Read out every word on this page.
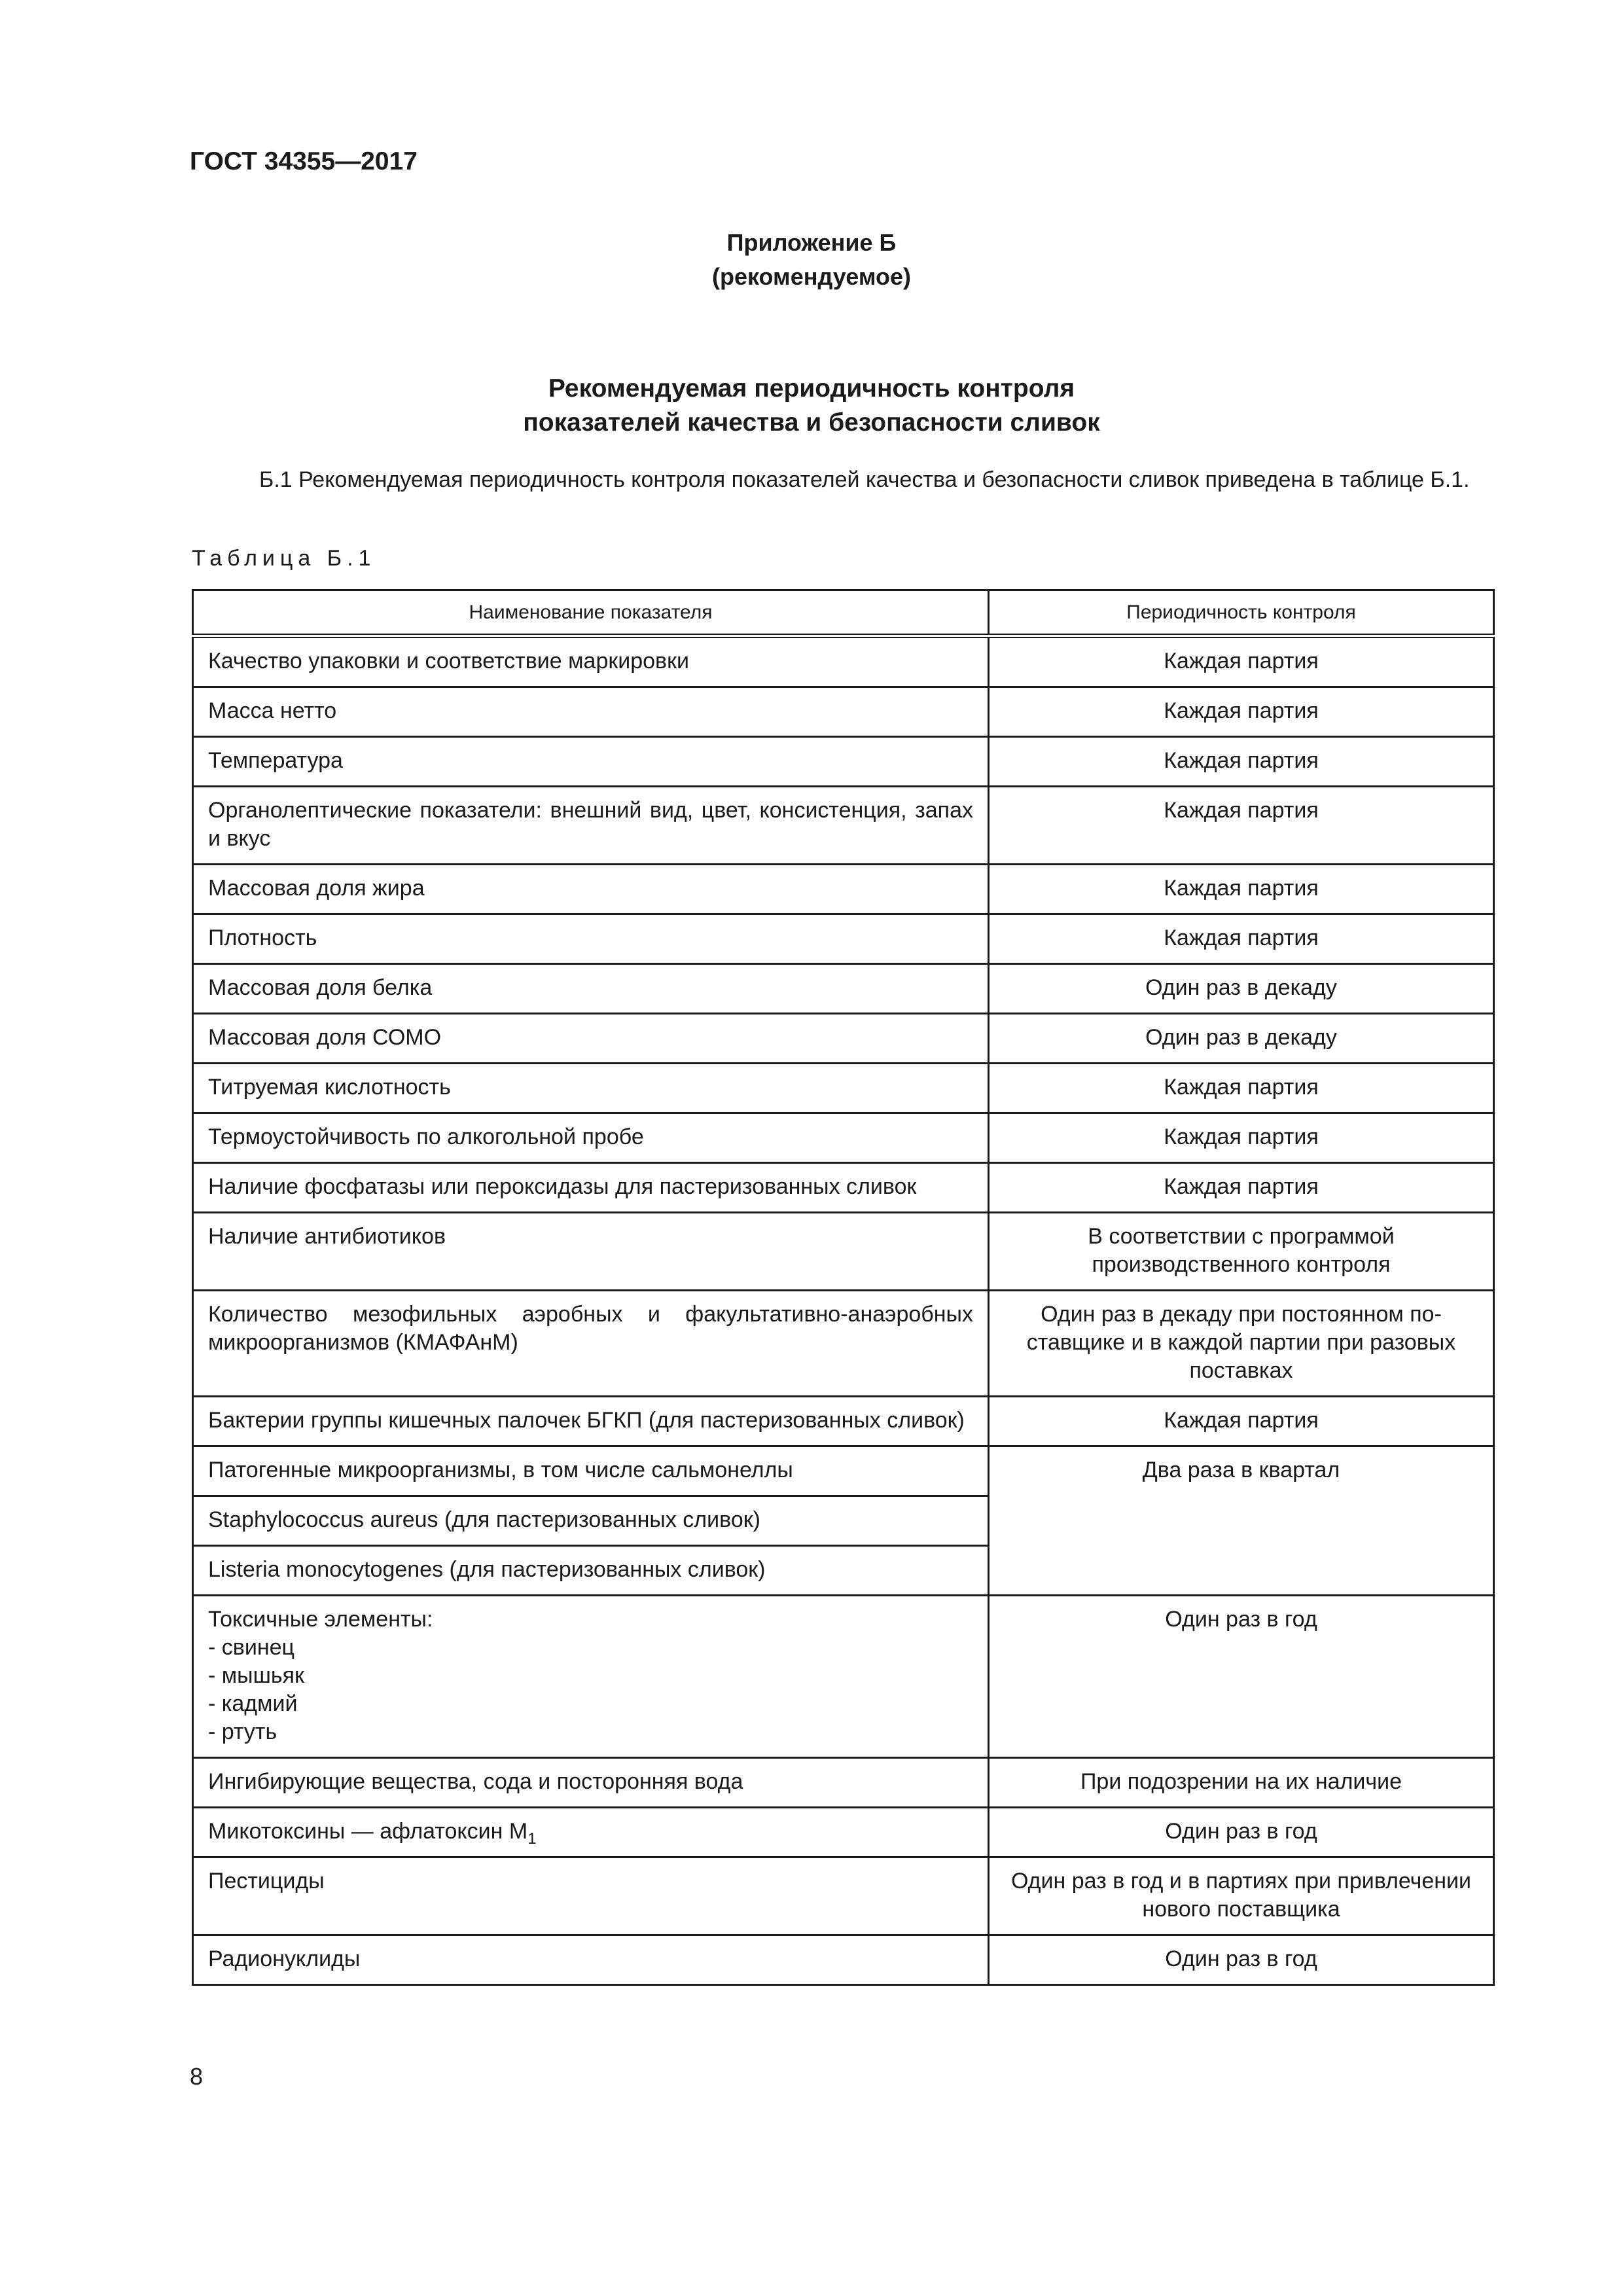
ГОСТ 34355—2017
Приложение Б
(рекомендуемое)
Рекомендуемая периодичность контроля
показателей качества и безопасности сливок

Б.1 Рекомендуемая периодичность контроля показателей качества и безопасности сливок приведена в таблице Б.1.

Таблица Б.1
Наименование показателя	Периодичность контроля
Качество упаковки и соответствие маркировки	Каждая партия
Масса нетто	Каждая партия
Температура	Каждая партия
Органолептические показатели: внешний вид, цвет, консистенция, запах и вкус	Каждая партия
Массовая доля жира	Каждая партия
Плотность	Каждая партия
Массовая доля белка	Один раз в декаду
Массовая доля СОМО	Один раз в декаду
Титруемая кислотность	Каждая партия
Термоустойчивость по алкогольной пробе	Каждая партия
Наличие фосфатазы или пероксидазы для пастеризованных сливок	Каждая партия
Наличие антибиотиков	В соответствии с программой производственного контроля
Количество мезофильных аэробных и факультативно-анаэробных микроорганизмов (КМАФАнМ)	Один раз в декаду при постоянном поставщике и в каждой партии при разовых поставках
Бактерии группы кишечных палочек БГКП (для пастеризованных сливок)	Каждая партия
Патогенные микроорганизмы, в том числе сальмонеллы	Два раза в квартал
Staphylococcus aureus (для пастеризованных сливок)	
Listeria monocytogenes (для пастеризованных сливок)	
Токсичные элементы:
- свинец
- мышьяк
- кадмий
- ртуть	Один раз в год
Ингибирующие вещества, сода и посторонняя вода	При подозрении на их наличие
Микотоксины — афлатоксин $M_1$	Один раз в год
Пестициды	Один раз в год и в партиях при привлечении нового поставщика
Радионуклиды	Один раз в год
8
